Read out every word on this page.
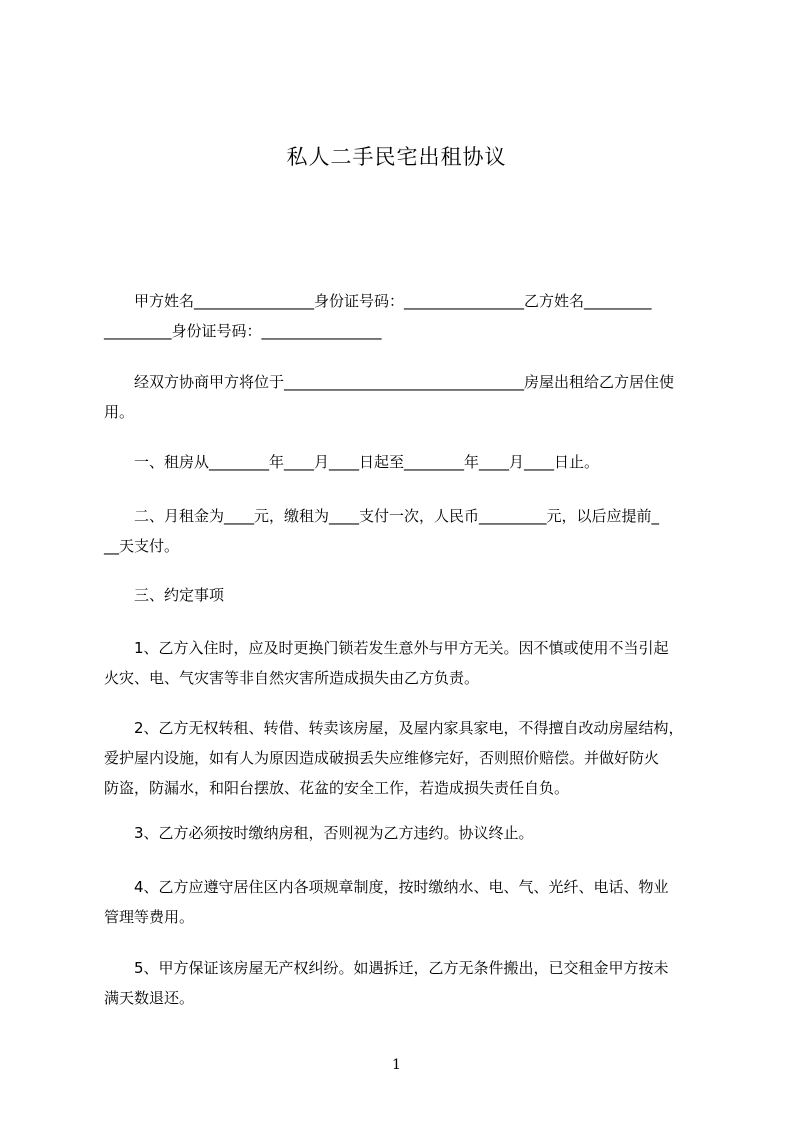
私人二手民宅出租协议
　　甲方姓名________________身份证号码：________________乙方姓名_________
_________身份证号码：________________
　　经双方协商甲方将位于________________________________房屋出租给乙方居住使
用。
　　一、租房从________年____月____日起至________年____月____日止。
　　二、月租金为____元，缴租为____支付一次，人民币_________元，以后应提前_
__天支付。
　　三、约定事项
　　1、乙方入住时，应及时更换门锁若发生意外与甲方无关。因不慎或使用不当引起
火灾、电、气灾害等非自然灾害所造成损失由乙方负责。
　　2、乙方无权转租、转借、转卖该房屋，及屋内家具家电，不得擅自改动房屋结构，
爱护屋内设施，如有人为原因造成破损丢失应维修完好，否则照价赔偿。并做好防火
防盗，防漏水，和阳台摆放、花盆的安全工作，若造成损失责任自负。
　　3、乙方必须按时缴纳房租，否则视为乙方违约。协议终止。
　　4、乙方应遵守居住区内各项规章制度，按时缴纳水、电、气、光纤、电话、物业
管理等费用。
　　5、甲方保证该房屋无产权纠纷。如遇拆迁，乙方无条件搬出，已交租金甲方按未
满天数退还。
1
